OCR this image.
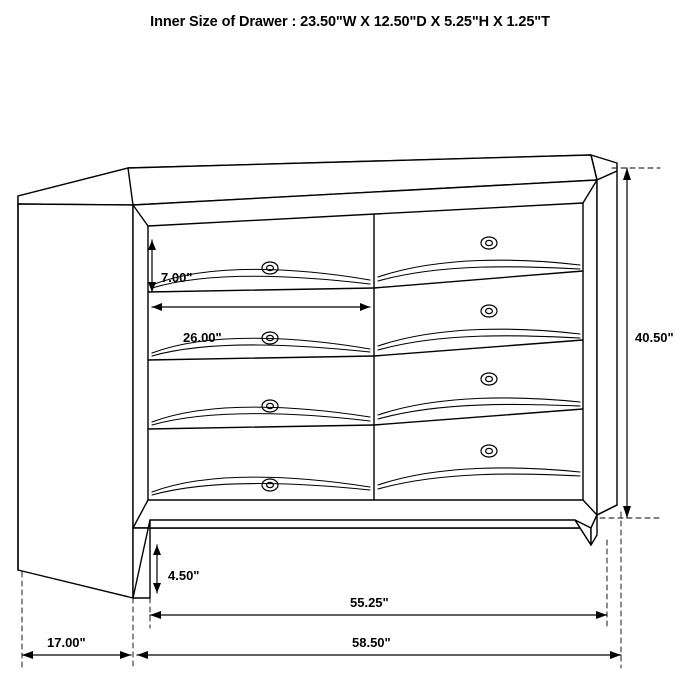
Inner Size of Drawer : 23.50"W X 12.50"D X 5.25"H X 1.25"T
7.00"
26.00"
4.50"
40.50"
55.25"
17.00"	58.50"
